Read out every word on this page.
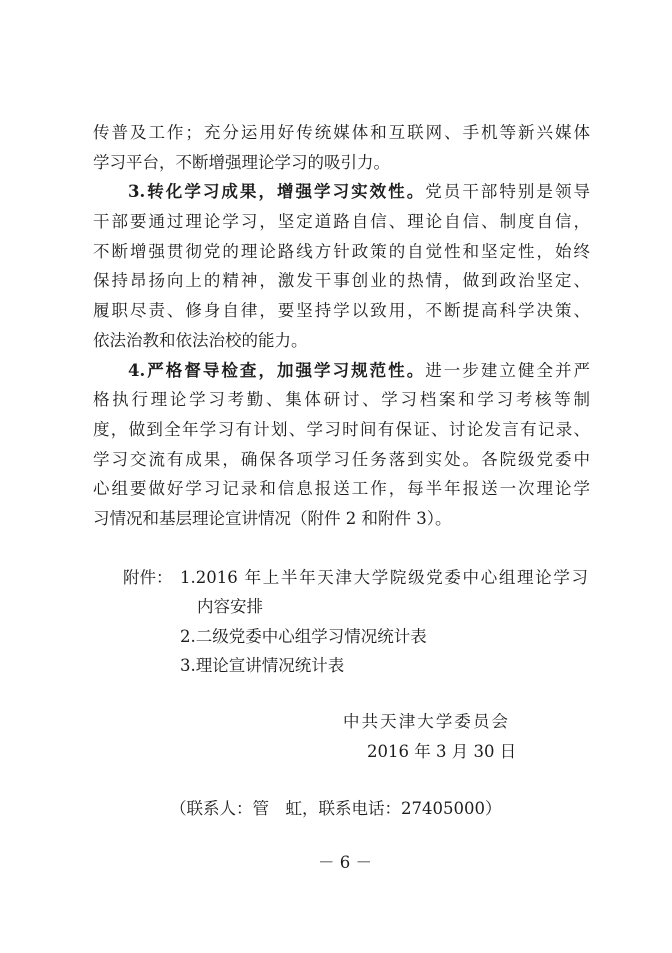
传普及工作；充分运用好传统媒体和互联网、手机等新兴媒体
学习平台，不断增强理论学习的吸引力。
3.转化学习成果，增强学习实效性。党员干部特别是领导
干部要通过理论学习，坚定道路自信、理论自信、制度自信，
不断增强贯彻党的理论路线方针政策的自觉性和坚定性，始终
保持昂扬向上的精神，激发干事创业的热情，做到政治坚定、
履职尽责、修身自律，要坚持学以致用，不断提高科学决策、
依法治教和依法治校的能力。
4.严格督导检查，加强学习规范性。进一步建立健全并严
格执行理论学习考勤、集体研讨、学习档案和学习考核等制
度，做到全年学习有计划、学习时间有保证、讨论发言有记录、
学习交流有成果，确保各项学习任务落到实处。各院级党委中
心组要做好学习记录和信息报送工作，每半年报送一次理论学
习情况和基层理论宣讲情况（附件 2 和附件 3）。
附件： 1.2016 年上半年天津大学院级党委中心组理论学习
内容安排
2.二级党委中心组学习情况统计表
3.理论宣讲情况统计表
中共天津大学委员会
2016 年 3 月 30 日
（联系人：管　虹，联系电话：27405000）
－ 6 －
